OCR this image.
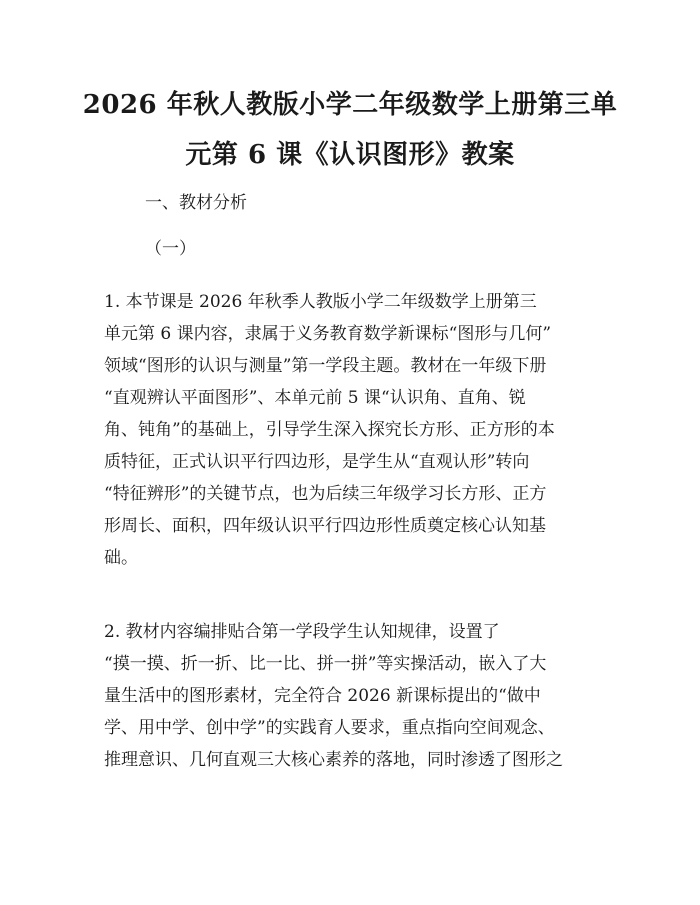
2026 年秋人教版小学二年级数学上册第三单
元第 6 课《认识图形》教案
一、教材分析
（一）
1. 本节课是 2026 年秋季人教版小学二年级数学上册第三
单元第 6 课内容，隶属于义务教育数学新课标“图形与几何”
领域“图形的认识与测量”第一学段主题。教材在一年级下册
“直观辨认平面图形”、本单元前 5 课“认识角、直角、锐
角、钝角”的基础上，引导学生深入探究长方形、正方形的本
质特征，正式认识平行四边形，是学生从“直观认形”转向
“特征辨形”的关键节点，也为后续三年级学习长方形、正方
形周长、面积，四年级认识平行四边形性质奠定核心认知基
础。
2. 教材内容编排贴合第一学段学生认知规律，设置了
“摸一摸、折一折、比一比、拼一拼”等实操活动，嵌入了大
量生活中的图形素材，完全符合 2026 新课标提出的“做中
学、用中学、创中学”的实践育人要求，重点指向空间观念、
推理意识、几何直观三大核心素养的落地，同时渗透了图形之
